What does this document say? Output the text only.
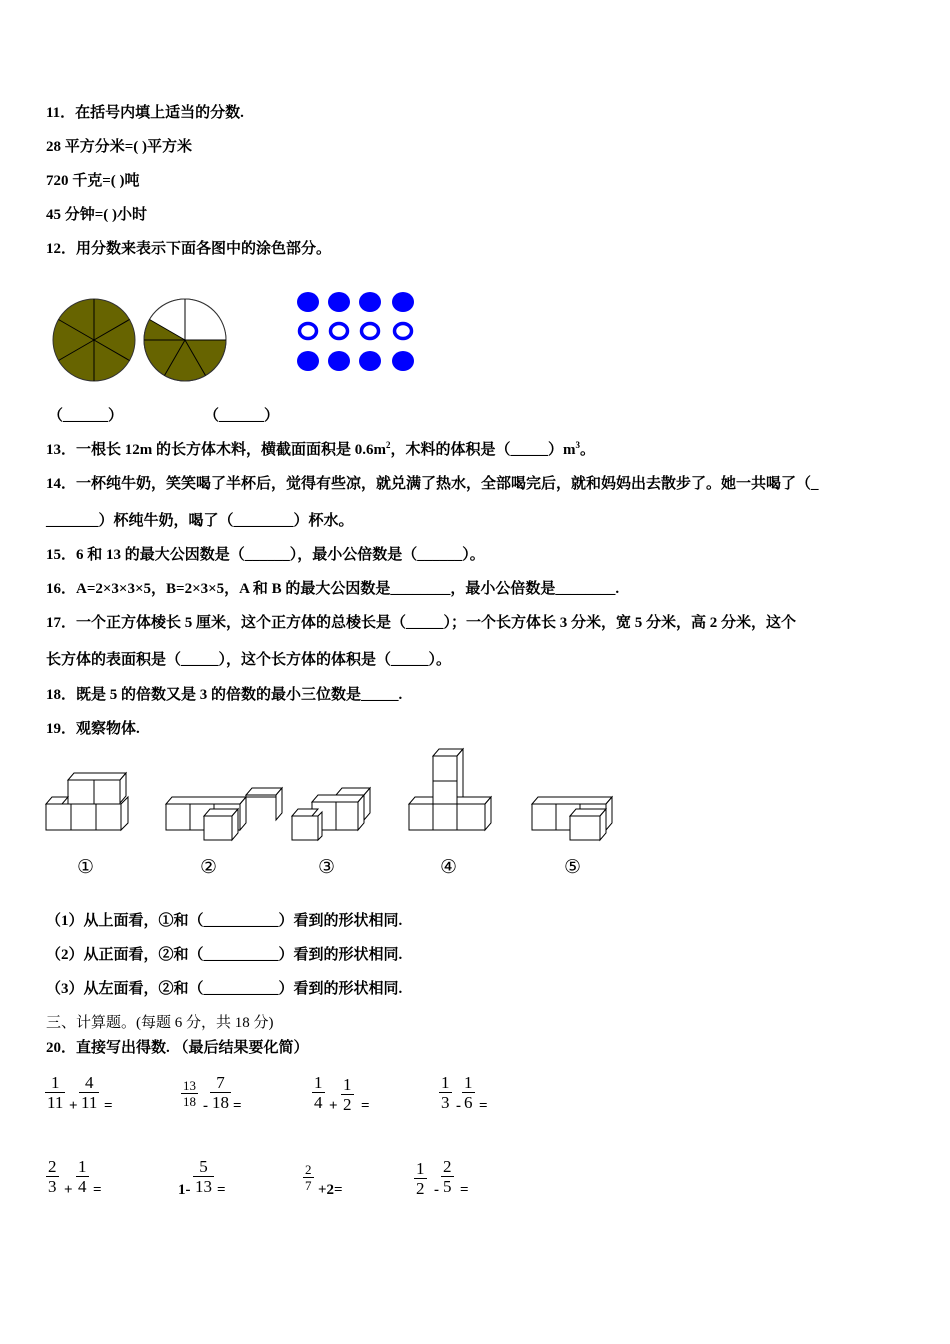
11．在括号内填上适当的分数.
28 平方分米=( )平方米
720 千克=( )吨
45 分钟=( )小时
12．用分数来表示下面各图中的涂色部分。
（______）	（______）
13．一根长 12m 的长方体木料，横截面面积是 $0.6m^2$，木料的体积是$(\_\_\_\_\_)m^3$。
14．一杯纯牛奶，笑笑喝了半杯后，觉得有些凉，就兑满了热水，全部喝完后，就和妈妈出去散步了。她一共喝了（_
_______）杯纯牛奶，喝了（________）杯水。
15．6 和 13 的最大公因数是（______），最小公倍数是（______）。
16．A=2×3×3×5，B=2×3×5，A 和 B 的最大公因数是________，最小公倍数是________.
17．一个正方体棱长 5 厘米，这个正方体的总棱长是（_____）；一个长方体长 3 分米，宽 5 分米，高 2 分米，这个
长方体的表面积是（_____），这个长方体的体积是（_____）。
18．既是 5 的倍数又是 3 的倍数的最小三位数是_____.
19．观察物体.
①	②	③	④	⑤
（1）从上面看，①和（__________）看到的形状相同.
（2）从正面看，②和（__________）看到的形状相同.
（3）从左面看，②和（__________）看到的形状相同.
三、计算题。(每题 6 分，共 18 分)
20．直接写出得数. （最后结果要化简）
$\frac{1}{11} + \frac{4}{11}$ =	$\frac{13}{18} - \frac{7}{18}$ =	$\frac{1}{4} + \frac{1}{2}$ =	$\frac{1}{3} - \frac{1}{6}$ =
$\frac{2}{3} + \frac{1}{4}$ =	$1- \frac{5}{13}$ =	$\frac{2}{7} +2=$	$\frac{1}{2} - \frac{2}{5}$ =
